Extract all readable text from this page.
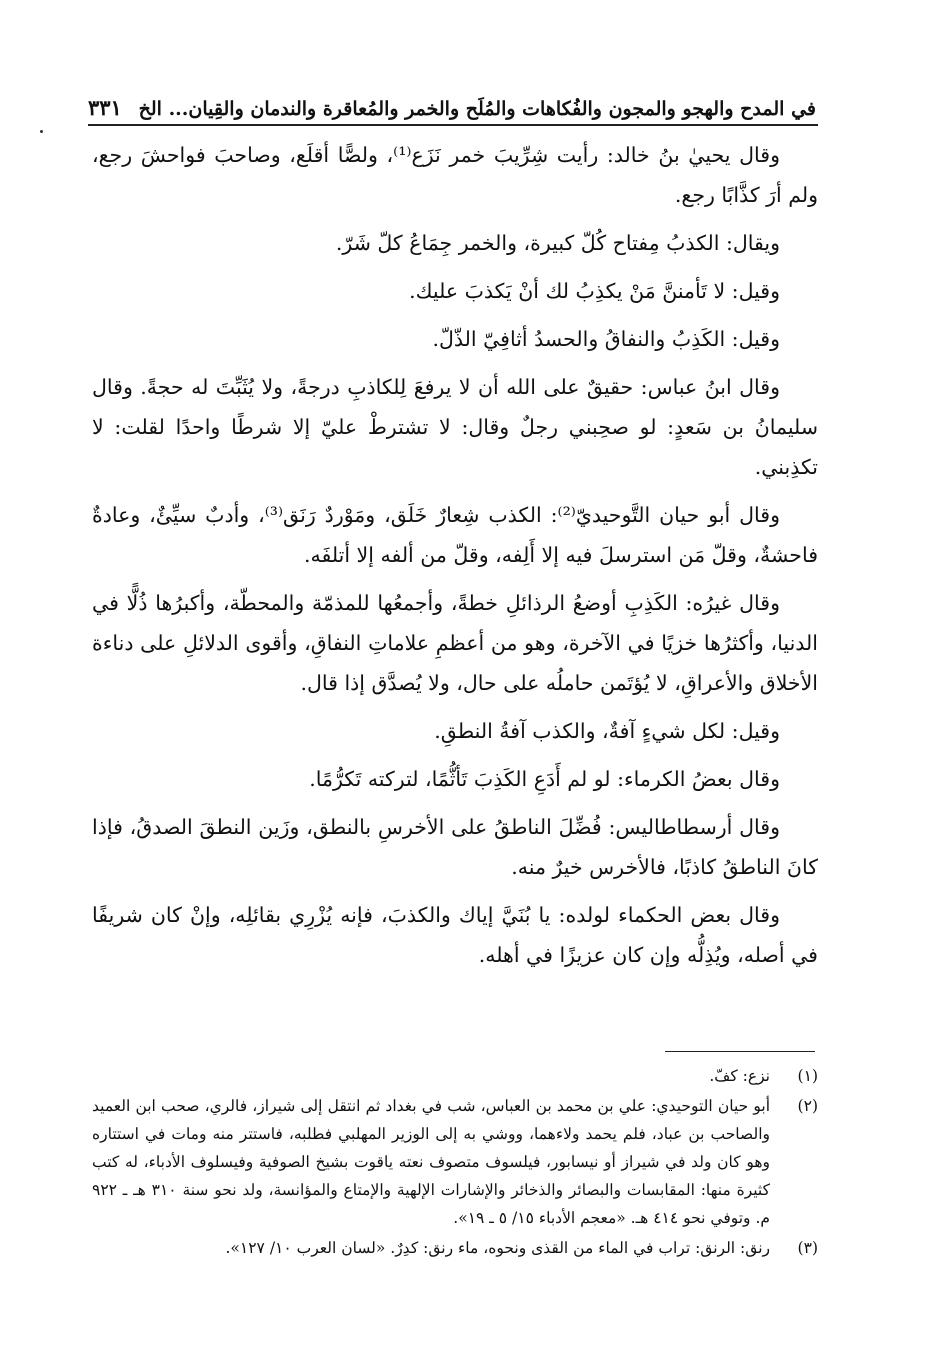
في المدح والهجو والمجون والفُكاهات والمُلَح والخمر والمُعاقرة والندمان والقِيان... الخ
٣٣١

وقال يحييٰ بنُ خالد: رأيت شِرِّيبَ خمر نَزَع⁽¹⁾، ولصًّا أقلَع، وصاحبَ فواحشَ رجع، ولم أرَ كذَّابًا رجع.

ويقال: الكذبُ مِفتاح كُلّ كبيرة، والخمر جِمَاعُ كلّ شَرّ.

وقيل: لا تَأمننَّ مَنْ يكذِبُ لك أنْ يَكذبَ عليك.

وقيل: الكَذِبُ والنفاقُ والحسدُ أثافِيّ الذّلّ.

وقال ابنُ عباس: حقيقٌ على الله أن لا يرفعَ لِلكاذبِ درجةً، ولا يُثَبِّتَ له حجةً. وقال سليمانُ بن سَعدٍ: لو صحِبني رجلٌ وقال: لا تشترطْ عليّ إلا شرطًا واحدًا لقلت: لا تكذِبني.

وقال أبو حيان التَّوحيديّ⁽²⁾: الكذب شِعارٌ خَلَق، ومَوْردٌ رَنَق⁽³⁾، وأدبٌ سيِّئٌ، وعادةٌ فاحشةٌ، وقلّ مَن استرسلَ فيه إلا أَلِفه، وقلّ من ألفه إلا أتلفَه.

وقال غيرُه: الكَذِبِ أوضعُ الرذائلِ خطةً، وأجمعُها للمذمّة والمحطّة، وأكبرُها ذُلًّا في الدنيا، وأكثرُها خزيًا في الآخرة، وهو من أعظمِ علاماتِ النفاقِ، وأقوى الدلائلِ على دناءة الأخلاق والأعراقِ، لا يُؤتَمن حاملُه على حال، ولا يُصدَّق إذا قال.

وقيل: لكل شيءٍ آفةٌ، والكذب آفةُ النطقِ.

وقال بعضُ الكرماء: لو لم أَدَعِ الكَذِبَ تَأثُّمًا، لتركته تَكرُّمًا.

وقال أرسطاطاليس: فُضِّلَ الناطقُ على الأخرسِ بالنطق، وزَين النطقَ الصدقُ، فإذا كانَ الناطقُ كاذبًا، فالأخرس خيرٌ منه.

وقال بعض الحكماء لولده: يا بُنَيَّ إياك والكذبَ، فإنه يُزْرِي بقائلِه، وإنْ كان شريفًا في أصله، ويُذِلُّه وإن كان عزيزًا في أهله.

(١)
نزع: كفّ.
(٢)
أبو حيان التوحيدي: علي بن محمد بن العباس، شب في بغداد ثم انتقل إلى شيراز، فالري، صحب ابن العميد والصاحب بن عباد، فلم يحمد ولاءهما، ووشي به إلى الوزير المهلبي فطلبه، فاستتر منه ومات في استتاره وهو كان ولد في شيراز أو نيسابور، فيلسوف متصوف نعته ياقوت بشيخ الصوفية وفيسلوف الأدباء، له كتب كثيرة منها: المقابسات والبصائر والذخائر والإشارات الإلهية والإمتاع والمؤانسة، ولد نحو سنة ٣١٠ هـ ـ ٩٢٢ م. وتوفي نحو ٤١٤ هـ. «معجم الأدباء ١٥/ ٥ ـ ١٩».
(٣)
رنق: الرنق: تراب في الماء من القذى ونحوه، ماء رنق: كدِرٌ. «لسان العرب ١٠/ ١٢٧».
